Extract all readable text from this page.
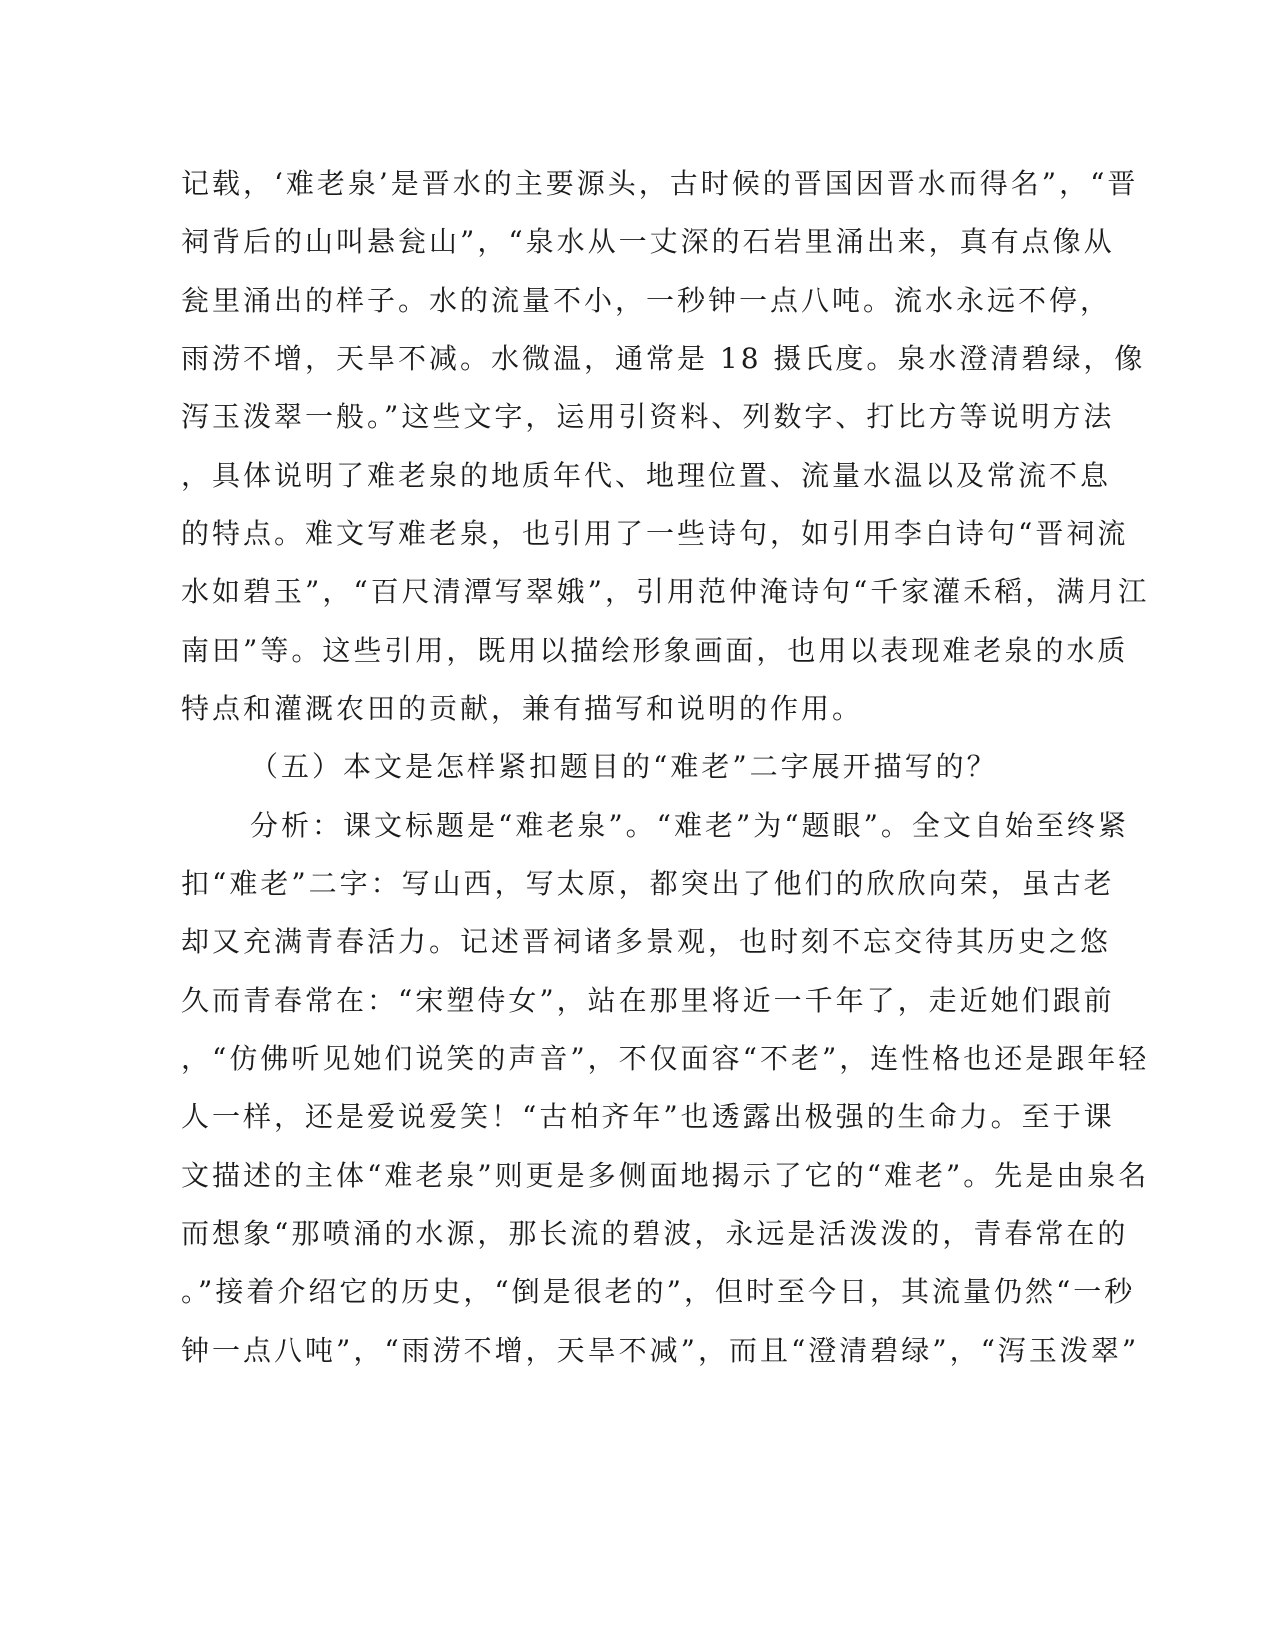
记载，‘难老泉’是晋水的主要源头，古时候的晋国因晋水而得名”，“晋
祠背后的山叫悬瓮山”，“泉水从一丈深的石岩里涌出来，真有点像从
瓮里涌出的样子。水的流量不小，一秒钟一点八吨。流水永远不停，
雨涝不增，天旱不减。水微温，通常是 18 摄氏度。泉水澄清碧绿，像
泻玉泼翠一般。”这些文字，运用引资料、列数字、打比方等说明方法
，具体说明了难老泉的地质年代、地理位置、流量水温以及常流不息
的特点。难文写难老泉，也引用了一些诗句，如引用李白诗句“晋祠流
水如碧玉”，“百尺清潭写翠娥”，引用范仲淹诗句“千家灌禾稻，满月江
南田”等。这些引用，既用以描绘形象画面，也用以表现难老泉的水质
特点和灌溉农田的贡献，兼有描写和说明的作用。
（五）本文是怎样紧扣题目的“难老”二字展开描写的？
分析：课文标题是“难老泉”。“难老”为“题眼”。全文自始至终紧
扣“难老”二字：写山西，写太原，都突出了他们的欣欣向荣，虽古老
却又充满青春活力。记述晋祠诸多景观，也时刻不忘交待其历史之悠
久而青春常在：“宋塑侍女”，站在那里将近一千年了，走近她们跟前
，“仿佛听见她们说笑的声音”，不仅面容“不老”，连性格也还是跟年轻
人一样，还是爱说爱笑！“古柏齐年”也透露出极强的生命力。至于课
文描述的主体“难老泉”则更是多侧面地揭示了它的“难老”。先是由泉名
而想象“那喷涌的水源，那长流的碧波，永远是活泼泼的，青春常在的
。”接着介绍它的历史，“倒是很老的”，但时至今日，其流量仍然“一秒
钟一点八吨”，“雨涝不增，天旱不减”，而且“澄清碧绿”，“泻玉泼翠”
